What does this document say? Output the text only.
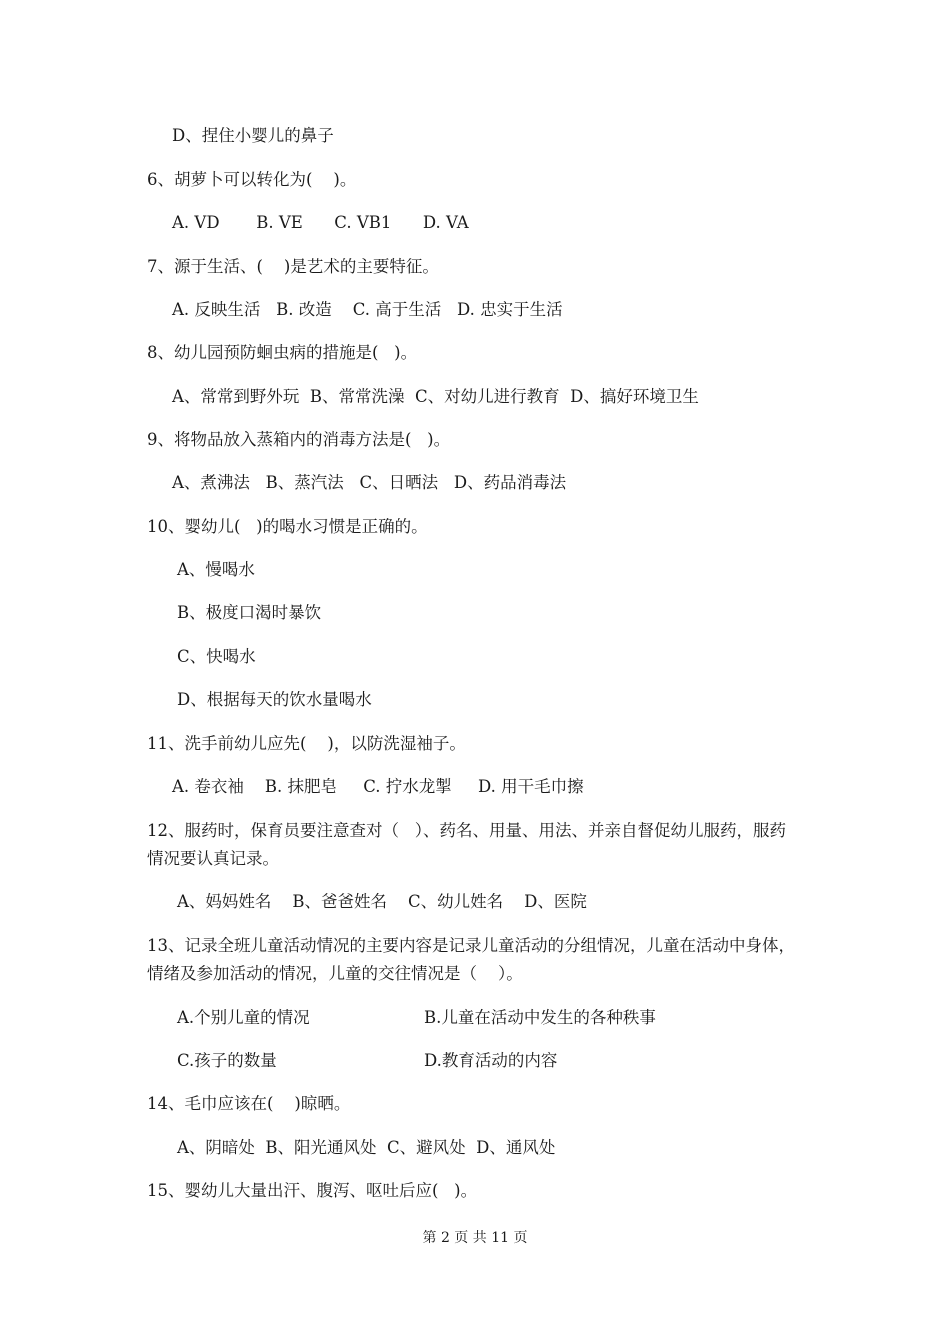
D、捏住小婴儿的鼻子
6、胡萝卜可以转化为(    )。
A. VD       B. VE      C. VB1      D. VA
7、源于生活、(    )是艺术的主要特征。
A. 反映生活   B. 改造    C. 高于生活   D. 忠实于生活
8、幼儿园预防蛔虫病的措施是(   )。
A、常常到野外玩  B、常常洗澡  C、对幼儿进行教育  D、搞好环境卫生
9、将物品放入蒸箱内的消毒方法是(   )。
A、煮沸法   B、蒸汽法   C、日晒法   D、药品消毒法
10、婴幼儿(   )的喝水习惯是正确的。
A、慢喝水
B、极度口渴时暴饮
C、快喝水
D、根据每天的饮水量喝水
11、洗手前幼儿应先(    )，以防洗湿袖子。
A. 卷衣袖    B. 抹肥皂     C. 拧水龙掣     D. 用干毛巾擦
12、服药时，保育员要注意查对（   ）、药名、用量、用法、并亲自督促幼儿服药，服药
情况要认真记录。
A、妈妈姓名    B、爸爸姓名    C、幼儿姓名    D、医院
13、记录全班儿童活动情况的主要内容是记录儿童活动的分组情况，儿童在活动中身体，
情绪及参加活动的情况，儿童的交往情况是（    ）。
A.个别儿童的情况	B.儿童在活动中发生的各种秩事
C.孩子的数量	D.教育活动的内容
14、毛巾应该在(    )晾晒。
A、阴暗处  B、阳光通风处  C、避风处  D、通风处
15、婴幼儿大量出汗、腹泻、呕吐后应(   )。
第 2 页 共 11 页
